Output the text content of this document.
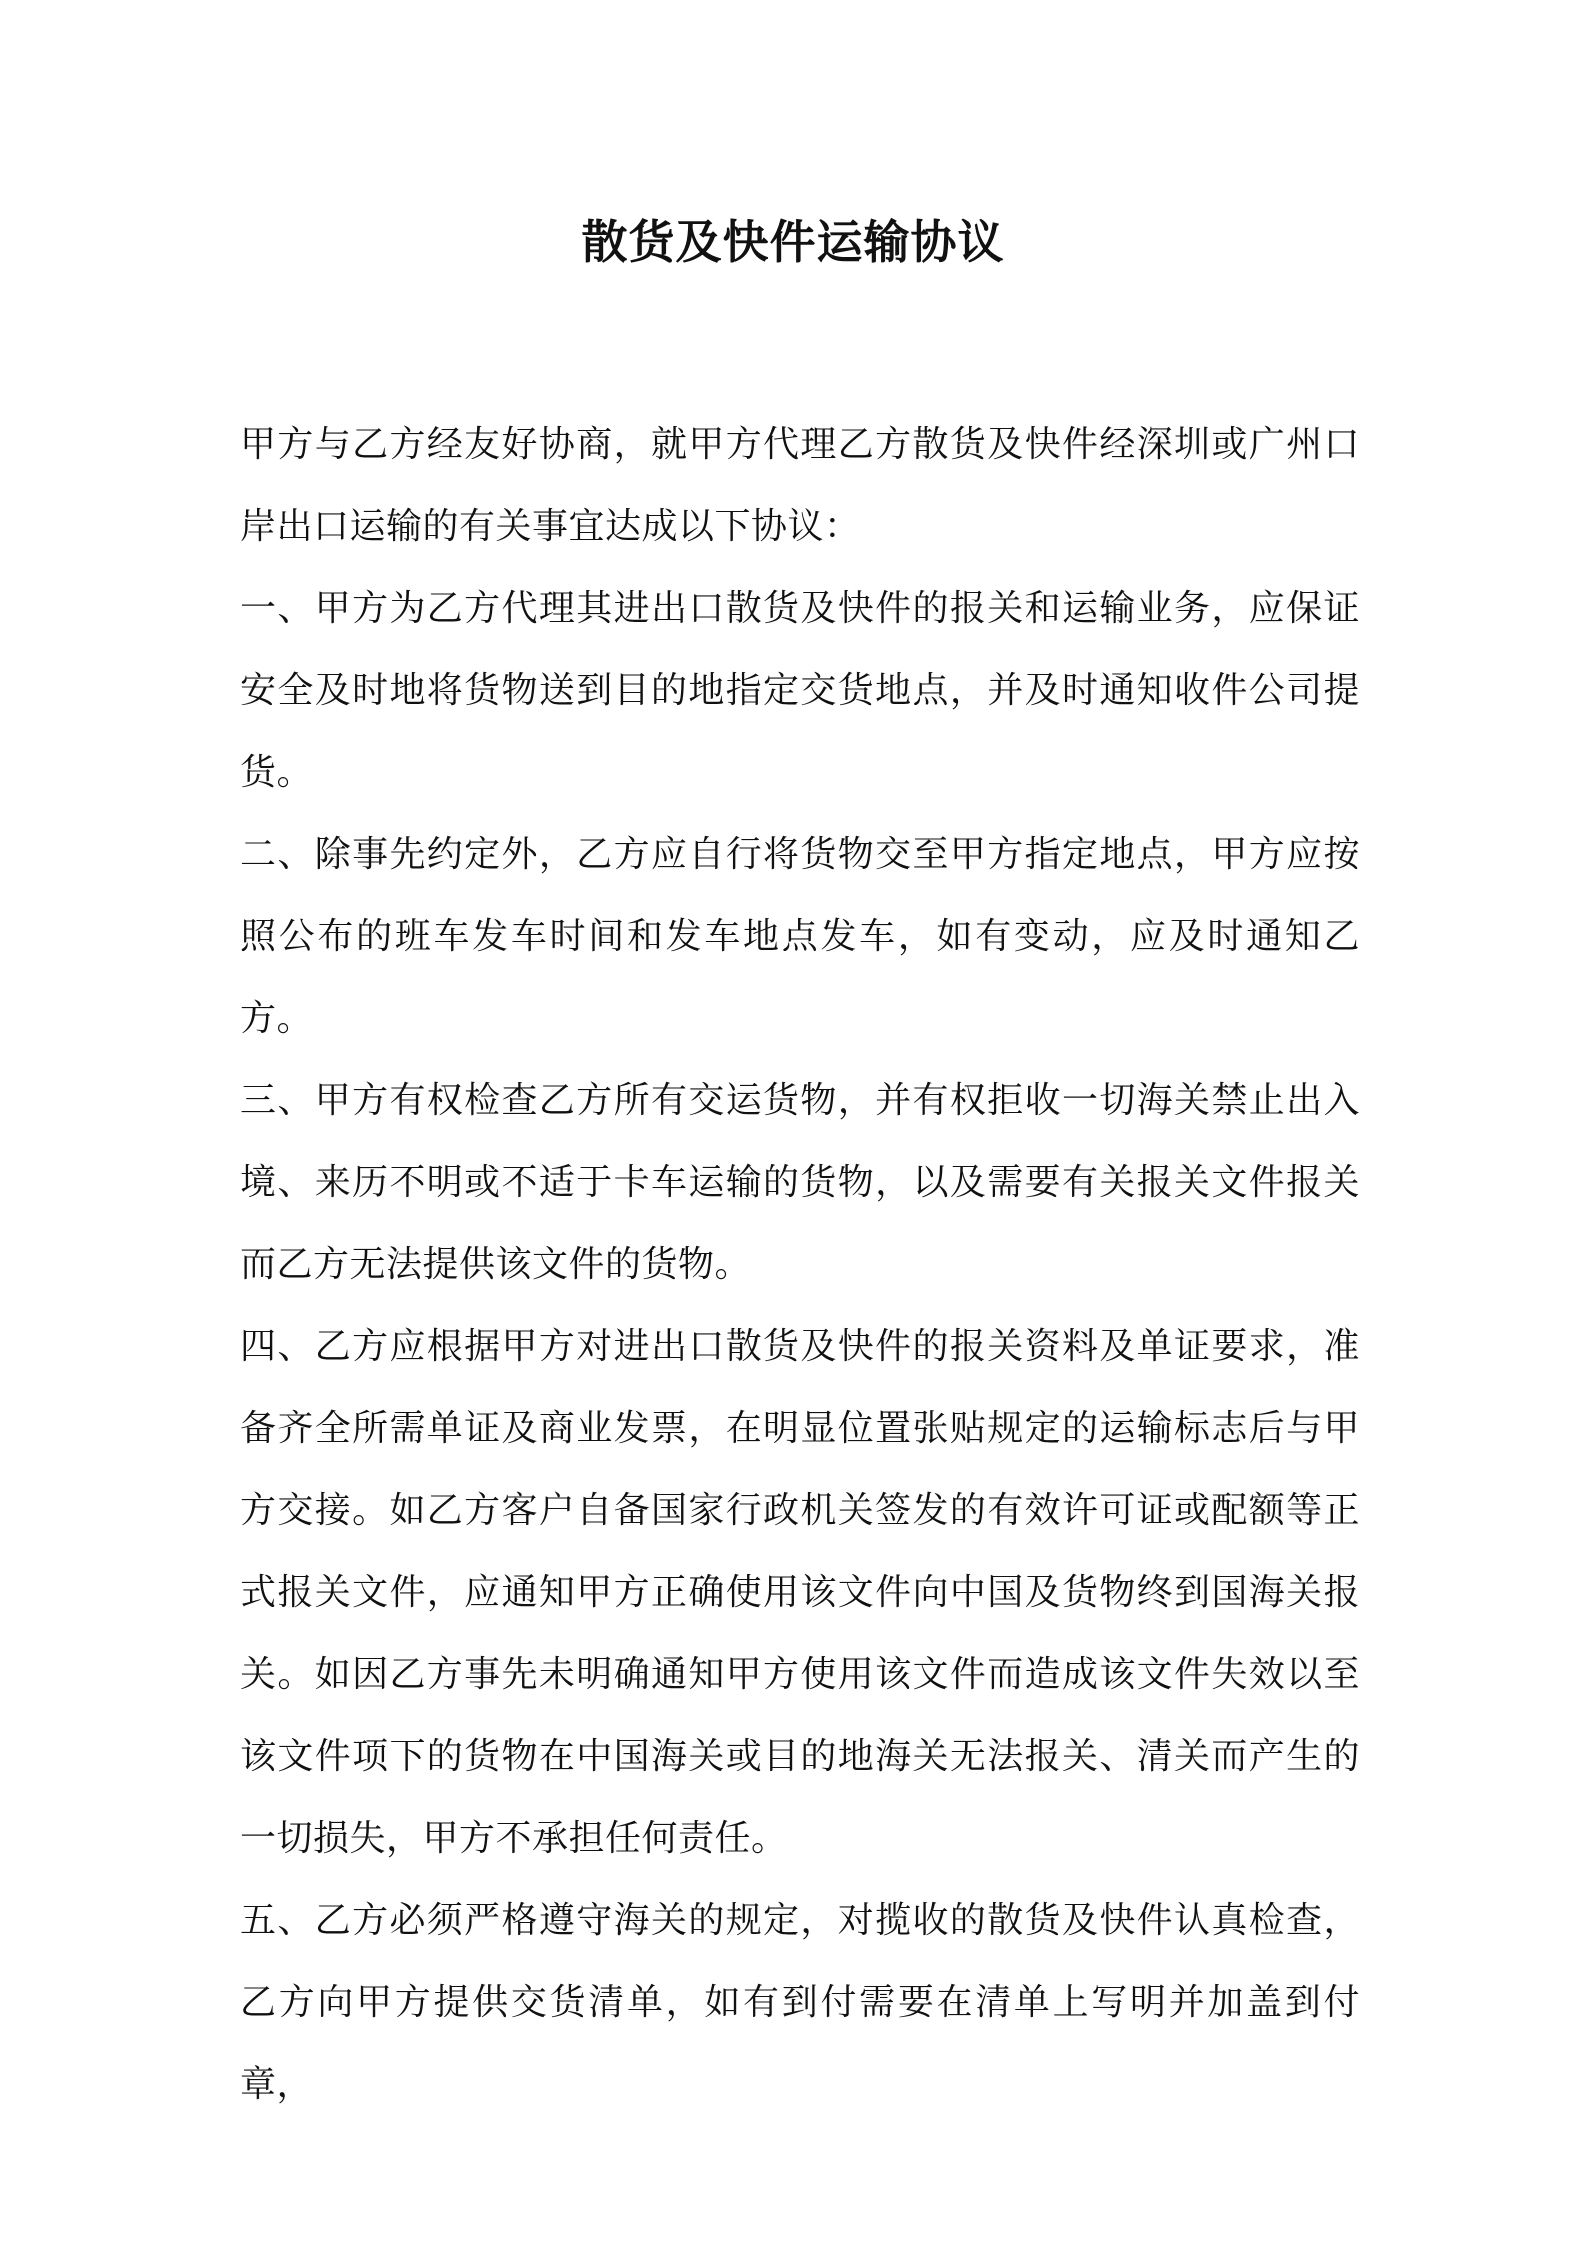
散货及快件运输协议

甲方与乙方经友好协商，就甲方代理乙方散货及快件经深圳或广州口岸出口运输的有关事宜达成以下协议：

一、甲方为乙方代理其进出口散货及快件的报关和运输业务，应保证安全及时地将货物送到目的地指定交货地点，并及时通知收件公司提货。

二、除事先约定外，乙方应自行将货物交至甲方指定地点，甲方应按照公布的班车发车时间和发车地点发车，如有变动，应及时通知乙方。

三、甲方有权检查乙方所有交运货物，并有权拒收一切海关禁止出入境、来历不明或不适于卡车运输的货物，以及需要有关报关文件报关而乙方无法提供该文件的货物。

四、乙方应根据甲方对进出口散货及快件的报关资料及单证要求，准备齐全所需单证及商业发票，在明显位置张贴规定的运输标志后与甲方交接。如乙方客户自备国家行政机关签发的有效许可证或配额等正式报关文件，应通知甲方正确使用该文件向中国及货物终到国海关报关。如因乙方事先未明确通知甲方使用该文件而造成该文件失效以至该文件项下的货物在中国海关或目的地海关无法报关、清关而产生的一切损失，甲方不承担任何责任。

五、乙方必须严格遵守海关的规定，对揽收的散货及快件认真检查，乙方向甲方提供交货清单，如有到付需要在清单上写明并加盖到付章，
